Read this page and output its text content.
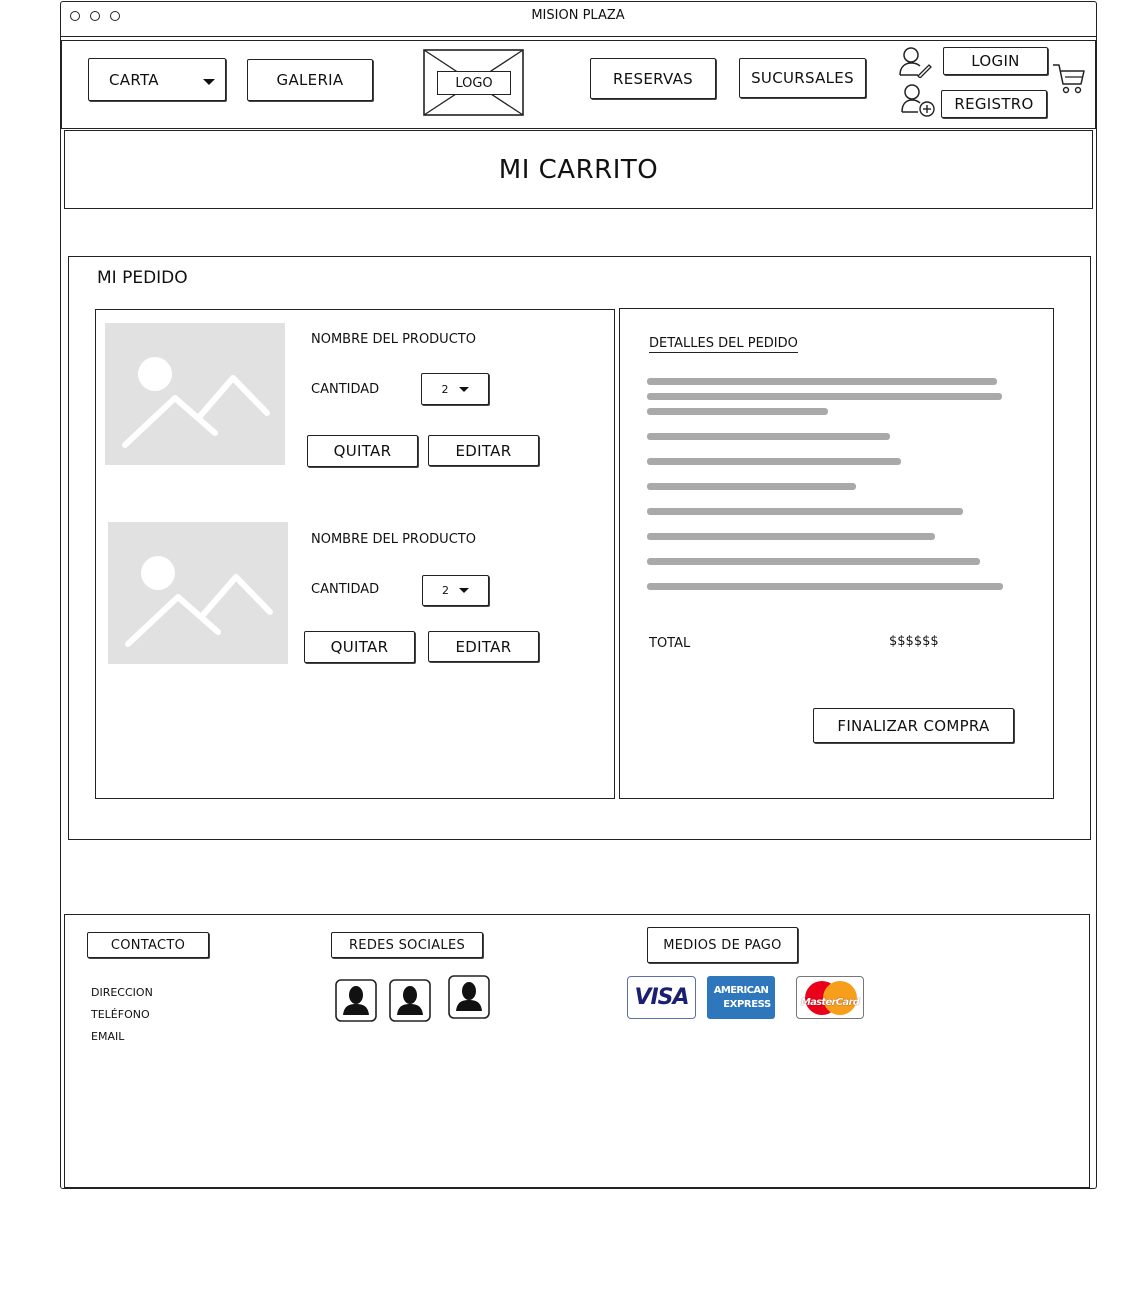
MISION PLAZA
CARTA	GALERIA	LOGO	RESERVAS	SUCURSALES
LOGIN
REGISTRO
MI CARRITO
MI PEDIDO
NOMBRE DEL PRODUCTO
CANTIDAD	2
QUITAR	EDITAR
NOMBRE DEL PRODUCTO
CANTIDAD	2
QUITAR	EDITAR
DETALLES DEL PEDIDO
TOTAL	$$$$$$
FINALIZAR COMPRA
CONTACTO
DIRECCION
TELÉFONO
EMAIL
REDES SOCIALES	MEDIOS DE PAGO
VISA	AMERICAN
EXPRESS	MasterCard
